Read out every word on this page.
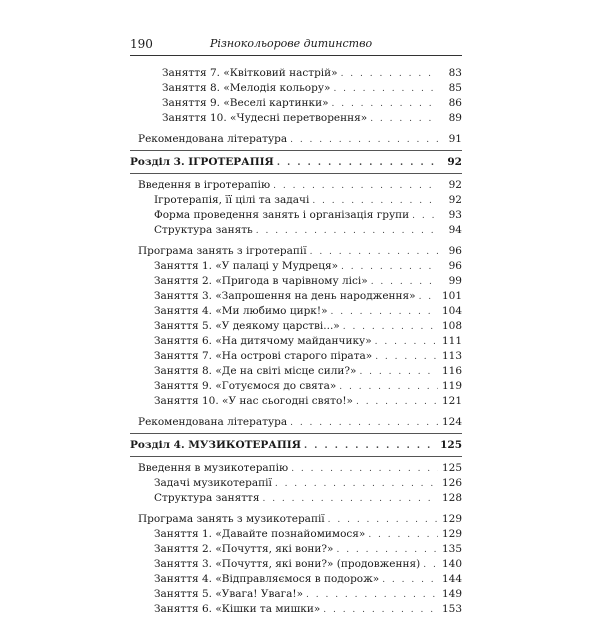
190	Різнокольорове дитинство
Заняття 7. «Квітковий настрій» . . .	83
Заняття 8. «Мелодія кольору» . . .	85
Заняття 9. «Веселі картинки» . . .	86
Заняття 10. «Чудесні перетворення» . . .	89
Рекомендована література . . .	91
Розділ 3. ІГРОТЕРАПІЯ . . .	92
Введення в ігротерапію . . .	92
Ігротерапія, її цілі та задачі . . .	92
Форма проведення занять і організація групи . . .	93
Структура занять . . .	94
Програма занять з ігротерапії . . .	96
Заняття 1. «У палаці у Мудреця» . . .	96
Заняття 2. «Пригода в чарівному лісі» . . .	99
Заняття 3. «Запрошення на день народження» . . .	101
Заняття 4. «Ми любимо цирк!» . . .	104
Заняття 5. «У деякому царстві...» . . .	108
Заняття 6. «На дитячому майданчику» . . .	111
Заняття 7. «На острові старого пірата» . . .	113
Заняття 8. «Де на світі місце сили?» . . .	116
Заняття 9. «Готуємося до свята» . . .	119
Заняття 10. «У нас сьогодні свято!» . . .	121
Рекомендована література . . .	124
Розділ 4. МУЗИКОТЕРАПІЯ . . .	125
Введення в музикотерапію . . .	125
Задачі музикотерапії . . .	126
Структура заняття . . .	128
Програма занять з музикотерапії . . .	129
Заняття 1. «Давайте познайомимося» . . .	129
Заняття 2. «Почуття, які вони?» . . .	135
Заняття 3. «Почуття, які вони?» (продовження) . . .	140
Заняття 4. «Відправляємося в подорож» . . .	144
Заняття 5. «Увага! Увага!» . . .	149
Заняття 6. «Кішки та мишки» . . .	153
